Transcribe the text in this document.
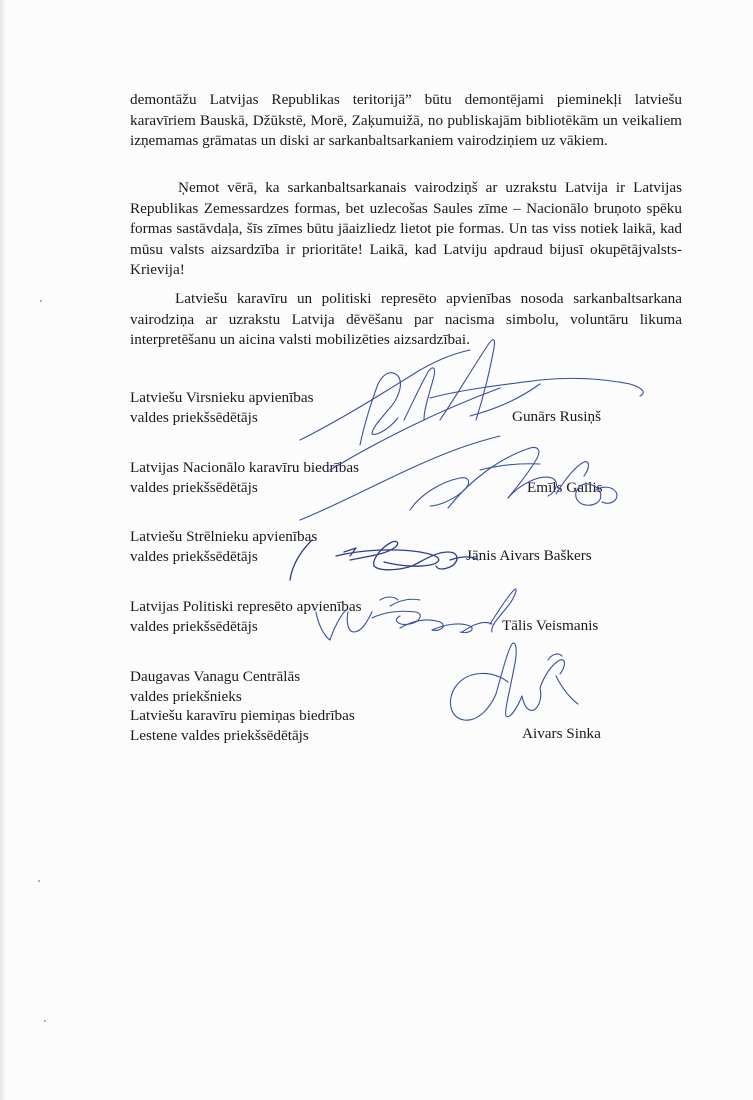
demontāžu Latvijas Republikas teritorijā” būtu demontējami pieminekļi latviešu karavīriem Bauskā, Džūkstē, Morē, Zaķumuižā, no publiskajām bibliotēkām un veikaliem izņemamas grāmatas un diski ar sarkanbaltsarkaniem vairodziņiem uz vākiem.

Ņemot vērā, ka sarkanbaltsarkanais vairodziņš ar uzrakstu Latvija ir Latvijas Republikas Zemessardzes formas, bet uzlecošas Saules zīme – Nacionālo bruņoto spēku formas sastāvdaļa, šīs zīmes būtu jāaizliedz lietot pie formas. Un tas viss notiek laikā, kad mūsu valsts aizsardzība ir prioritāte! Laikā, kad Latviju apdraud bijusī okupētājvalsts-Krievija!

Latviešu karavīru un politiski represēto apvienības nosoda sarkanbaltsarkana vairodziņa ar uzrakstu Latvija dēvēšanu par nacisma simbolu, voluntāru likuma interpretēšanu un aicina valsti mobilizēties aizsardzībai.

Latviešu Virsnieku apvienības
valdes priekšsēdētājs	Gunārs Rusiņš
Latvijas Nacionālo karavīru biedrības
valdes priekšsēdētājs	Emīls Gailis
Latviešu Strēlnieku apvienības
valdes priekšsēdētājs	Jānis Aivars Baškers
Latvijas Politiski represēto apvienības
valdes priekšsēdētājs	Tālis Veismanis
Daugavas Vanagu Centrālās
valdes priekšnieks
Latviešu karavīru piemiņas biedrības
Lestene valdes priekšsēdētājs	Aivars Sinka
